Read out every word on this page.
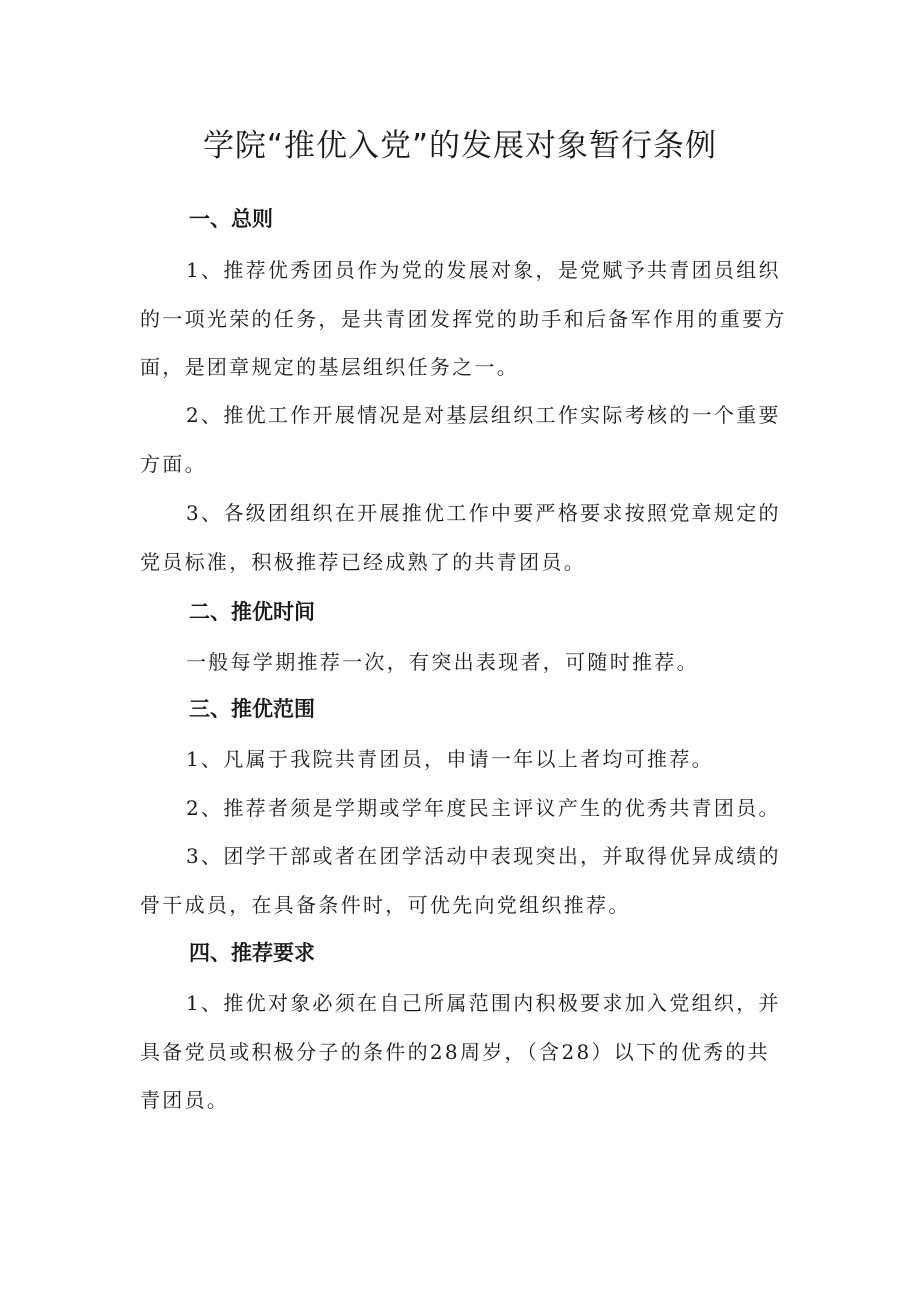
学院“推优入党”的发展对象暂行条例
一、总则

1、推荐优秀团员作为党的发展对象，是党赋予共青团员组织的一项光荣的任务，是共青团发挥党的助手和后备军作用的重要方面，是团章规定的基层组织任务之一。

2、推优工作开展情况是对基层组织工作实际考核的一个重要方面。

3、各级团组织在开展推优工作中要严格要求按照党章规定的党员标准，积极推荐已经成熟了的共青团员。

二、推优时间

一般每学期推荐一次，有突出表现者，可随时推荐。

三、推优范围

1、凡属于我院共青团员，申请一年以上者均可推荐。

2、推荐者须是学期或学年度民主评议产生的优秀共青团员。

3、团学干部或者在团学活动中表现突出，并取得优异成绩的骨干成员，在具备条件时，可优先向党组织推荐。

四、推荐要求

1、推优对象必须在自己所属范围内积极要求加入党组织，并具备党员或积极分子的条件的28周岁，（含28）以下的优秀的共青团员。
